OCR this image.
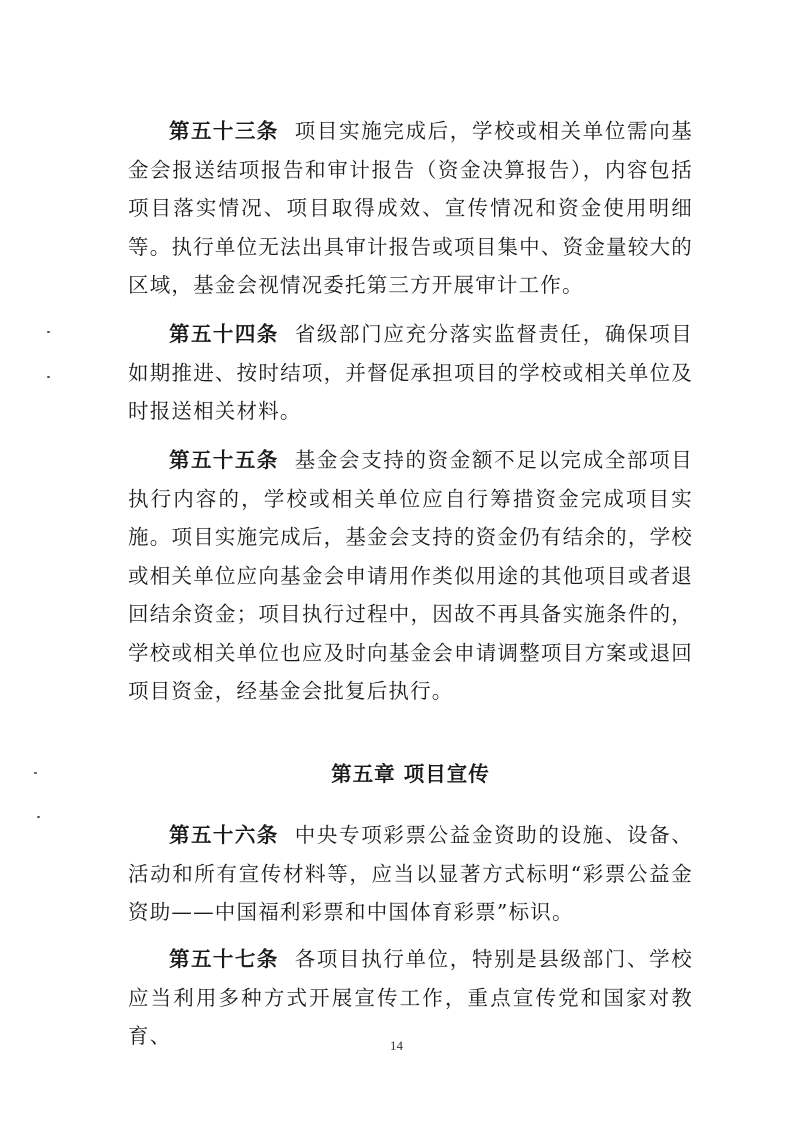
第五十三条 项目实施完成后，学校或相关单位需向基金会报送结项报告和审计报告（资金决算报告），内容包括项目落实情况、项目取得成效、宣传情况和资金使用明细等。执行单位无法出具审计报告或项目集中、资金量较大的区域，基金会视情况委托第三方开展审计工作。

第五十四条 省级部门应充分落实监督责任，确保项目如期推进、按时结项，并督促承担项目的学校或相关单位及时报送相关材料。

第五十五条 基金会支持的资金额不足以完成全部项目执行内容的，学校或相关单位应自行筹措资金完成项目实施。项目实施完成后，基金会支持的资金仍有结余的，学校或相关单位应向基金会申请用作类似用途的其他项目或者退回结余资金；项目执行过程中，因故不再具备实施条件的，学校或相关单位也应及时向基金会申请调整项目方案或退回项目资金，经基金会批复后执行。

第五章 项目宣传

第五十六条 中央专项彩票公益金资助的设施、设备、活动和所有宣传材料等，应当以显著方式标明“彩票公益金资助——中国福利彩票和中国体育彩票”标识。

第五十七条 各项目执行单位，特别是县级部门、学校应当利用多种方式开展宣传工作，重点宣传党和国家对教育、	14
